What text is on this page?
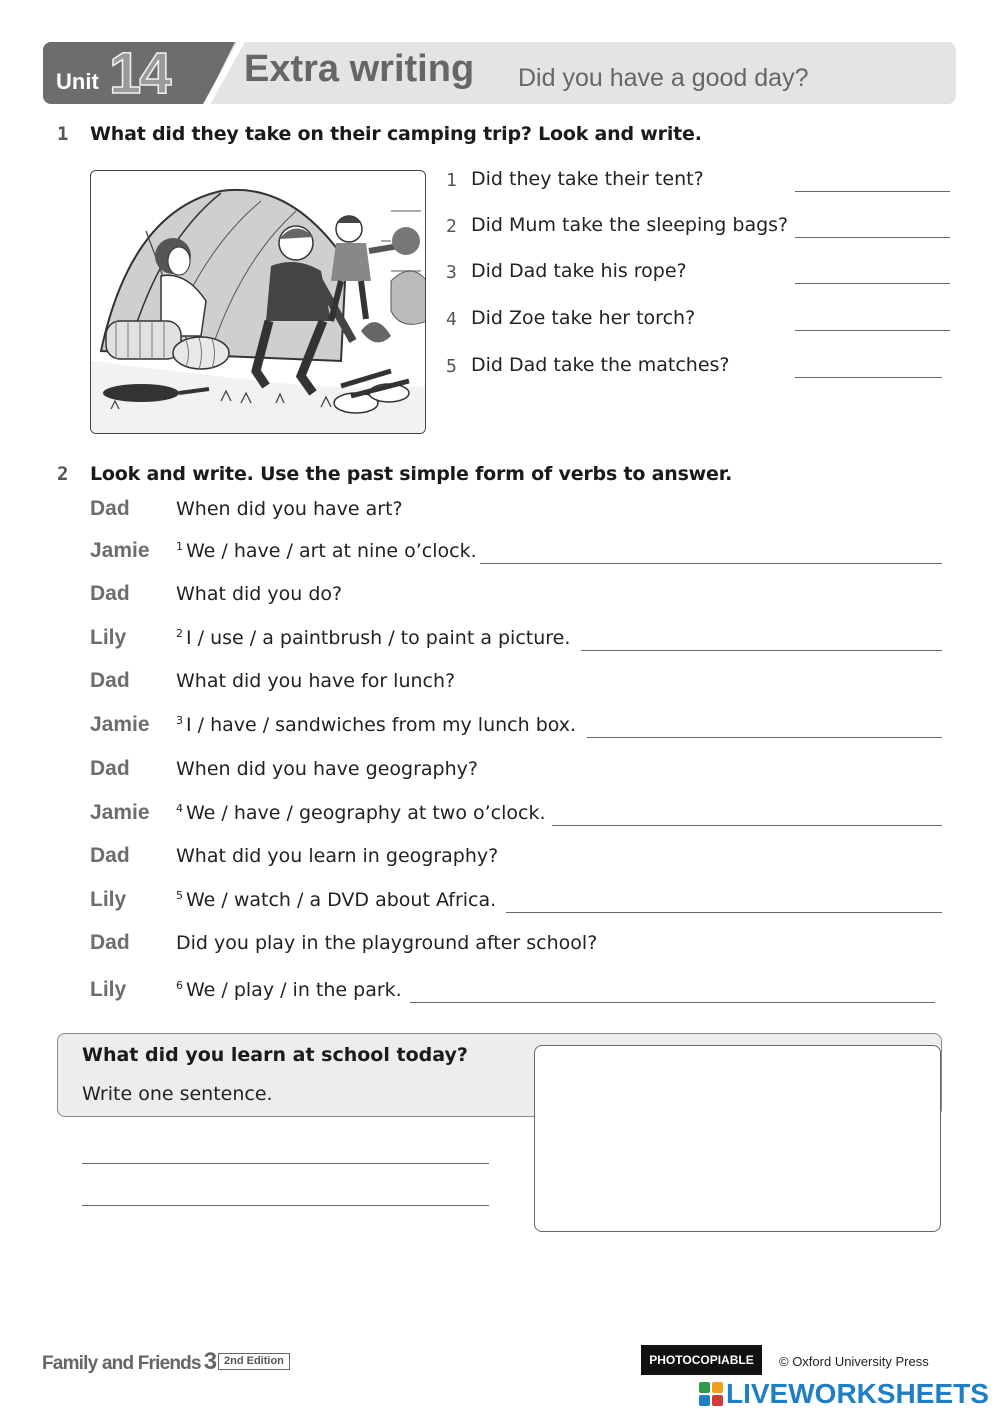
Unit 14 Extra writing Did you have a good day?
1 What did they take on their camping trip? Look and write.
1 Did they take their tent?
2 Did Mum take the sleeping bags?
3 Did Dad take his rope?
4 Did Zoe take her torch?
5 Did Dad take the matches?
2 Look and write. Use the past simple form of verbs to answer.
Dad When did you have art?
Jamie $^1$ We / have / art at nine o’clock.
Dad What did you do?
Lily	$^2$ I / use / a paintbrush / to paint a picture.
Dad What did you have for lunch?
Jamie $^3$ I / have / sandwiches from my lunch box.
Dad When did you have geography?
Jamie $^4$ We / have / geography at two o’clock.
Dad What did you learn in geography?
Lily	$^5$ We / watch / a DVD about Africa.
Dad Did you play in the playground after school?
Lily	$^6$ We / play / in the park.
What did you learn at school today?
Write one sentence.
Family and Friends 3 2nd Edition	PHOTOCOPIABLE	© Oxford University Press
LIVEWORKSHEETS
